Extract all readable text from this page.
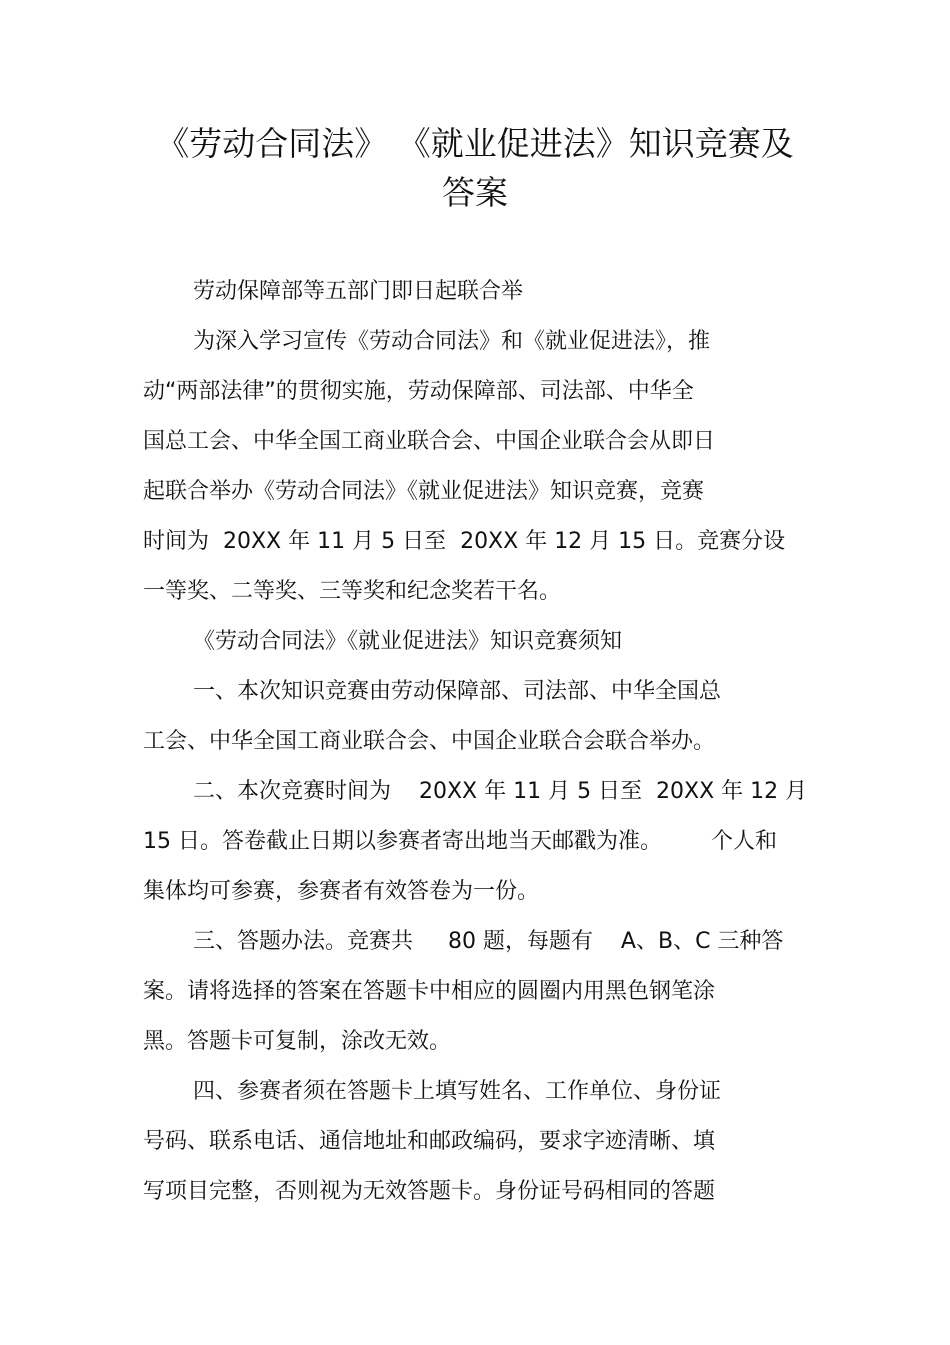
《劳动合同法》 《就业促进法》知识竞赛及
答案
劳动保障部等五部门即日起联合举
为深入学习宣传《劳动合同法》和《就业促进法》，推
动“两部法律”的贯彻实施，劳动保障部、司法部、中华全
国总工会、中华全国工商业联合会、中国企业联合会从即日
起联合举办《劳动合同法》《就业促进法》知识竞赛，竞赛
时间为  20XX 年 11 月 5 日至  20XX 年 12 月 15 日。竞赛分设
一等奖、二等奖、三等奖和纪念奖若干名。
《劳动合同法》《就业促进法》知识竞赛须知
一、本次知识竞赛由劳动保障部、司法部、中华全国总
工会、中华全国工商业联合会、中国企业联合会联合举办。
二、本次竞赛时间为    20XX 年 11 月 5 日至  20XX 年 12 月
15 日。答卷截止日期以参赛者寄出地当天邮戳为准。       个人和
集体均可参赛，参赛者有效答卷为一份。
三、答题办法。竞赛共     80 题，每题有    A、B、C 三种答
案。请将选择的答案在答题卡中相应的圆圈内用黑色钢笔涂
黑。答题卡可复制，涂改无效。
四、参赛者须在答题卡上填写姓名、工作单位、身份证
号码、联系电话、通信地址和邮政编码，要求字迹清晰、填
写项目完整，否则视为无效答题卡。身份证号码相同的答题
